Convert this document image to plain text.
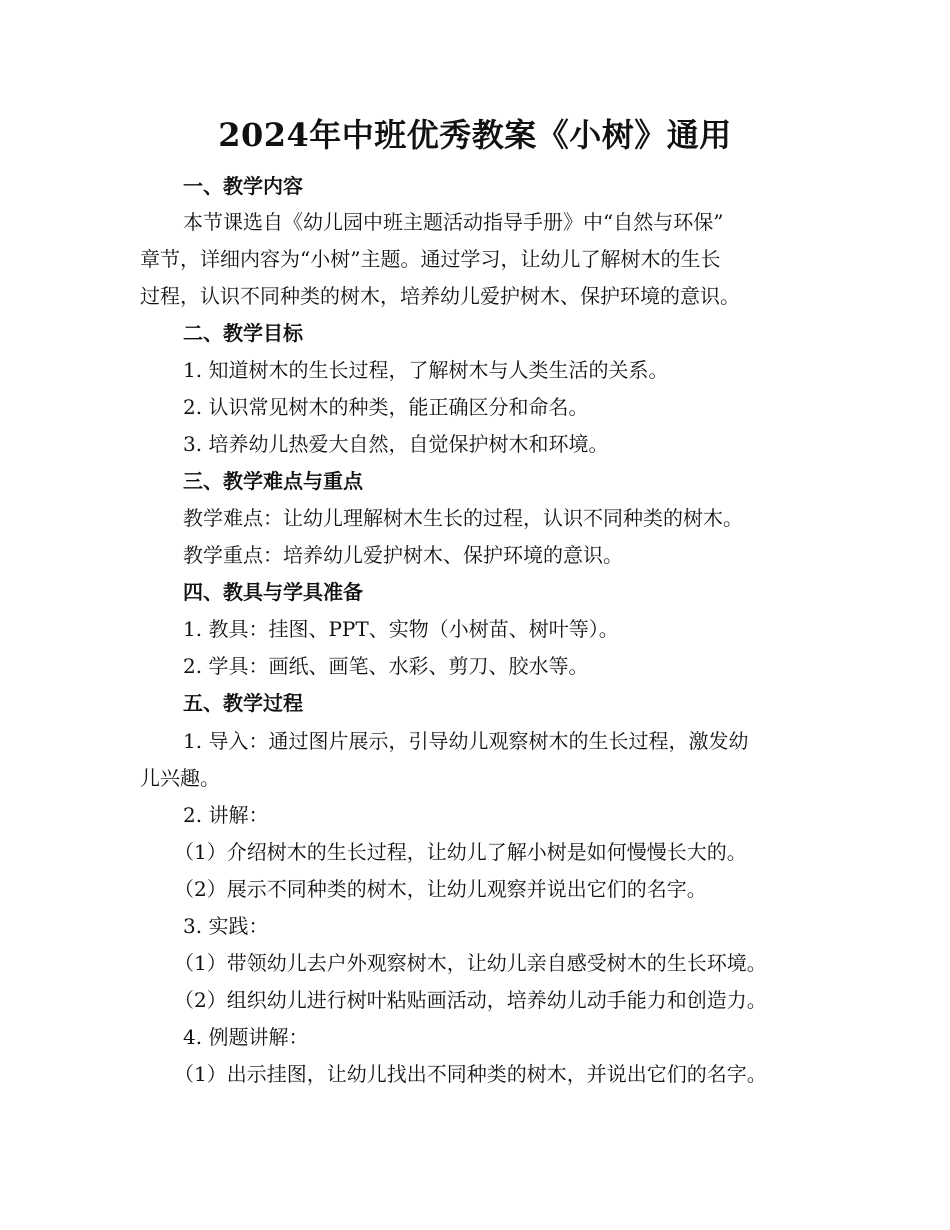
2024年中班优秀教案《小树》通用
一、教学内容
本节课选自《幼儿园中班主题活动指导手册》中“自然与环保”
章节，详细内容为“小树”主题。通过学习，让幼儿了解树木的生长
过程，认识不同种类的树木，培养幼儿爱护树木、保护环境的意识。
二、教学目标
1. 知道树木的生长过程，了解树木与人类生活的关系。
2. 认识常见树木的种类，能正确区分和命名。
3. 培养幼儿热爱大自然，自觉保护树木和环境。
三、教学难点与重点
教学难点：让幼儿理解树木生长的过程，认识不同种类的树木。
教学重点：培养幼儿爱护树木、保护环境的意识。
四、教具与学具准备
1. 教具：挂图、PPT、实物（小树苗、树叶等）。
2. 学具：画纸、画笔、水彩、剪刀、胶水等。
五、教学过程
1. 导入：通过图片展示，引导幼儿观察树木的生长过程，激发幼
儿兴趣。
2. 讲解：
（1）介绍树木的生长过程，让幼儿了解小树是如何慢慢长大的。
（2）展示不同种类的树木，让幼儿观察并说出它们的名字。
3. 实践：
（1）带领幼儿去户外观察树木，让幼儿亲自感受树木的生长环境。
（2）组织幼儿进行树叶粘贴画活动，培养幼儿动手能力和创造力。
4. 例题讲解：
（1）出示挂图，让幼儿找出不同种类的树木，并说出它们的名字。
